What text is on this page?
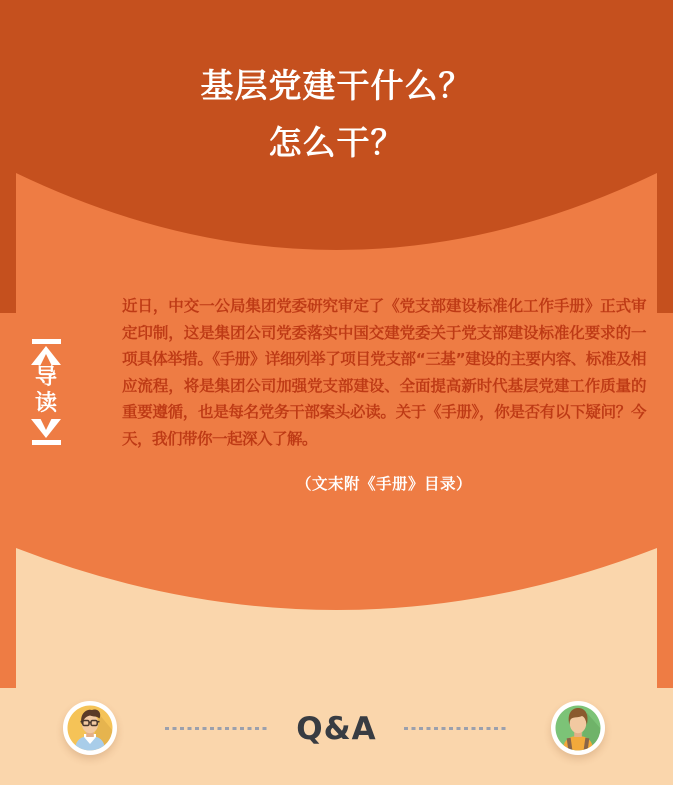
基层党建干什么？
怎么干？
导
读
近日，中交一公局集团党委研究审定了《党支部建设标准化工作手册》正式审定印制，这是集团公司党委落实中国交建党委关于党支部建设标准化要求的一项具体举措。《手册》详细列举了项目党支部“三基”建设的主要内容、标准及相应流程，将是集团公司加强党支部建设、全面提高新时代基层党建工作质量的重要遵循，也是每名党务干部案头必读。关于《手册》，你是否有以下疑问？今天，我们带你一起深入了解。
（文末附《手册》目录）
Q&A
